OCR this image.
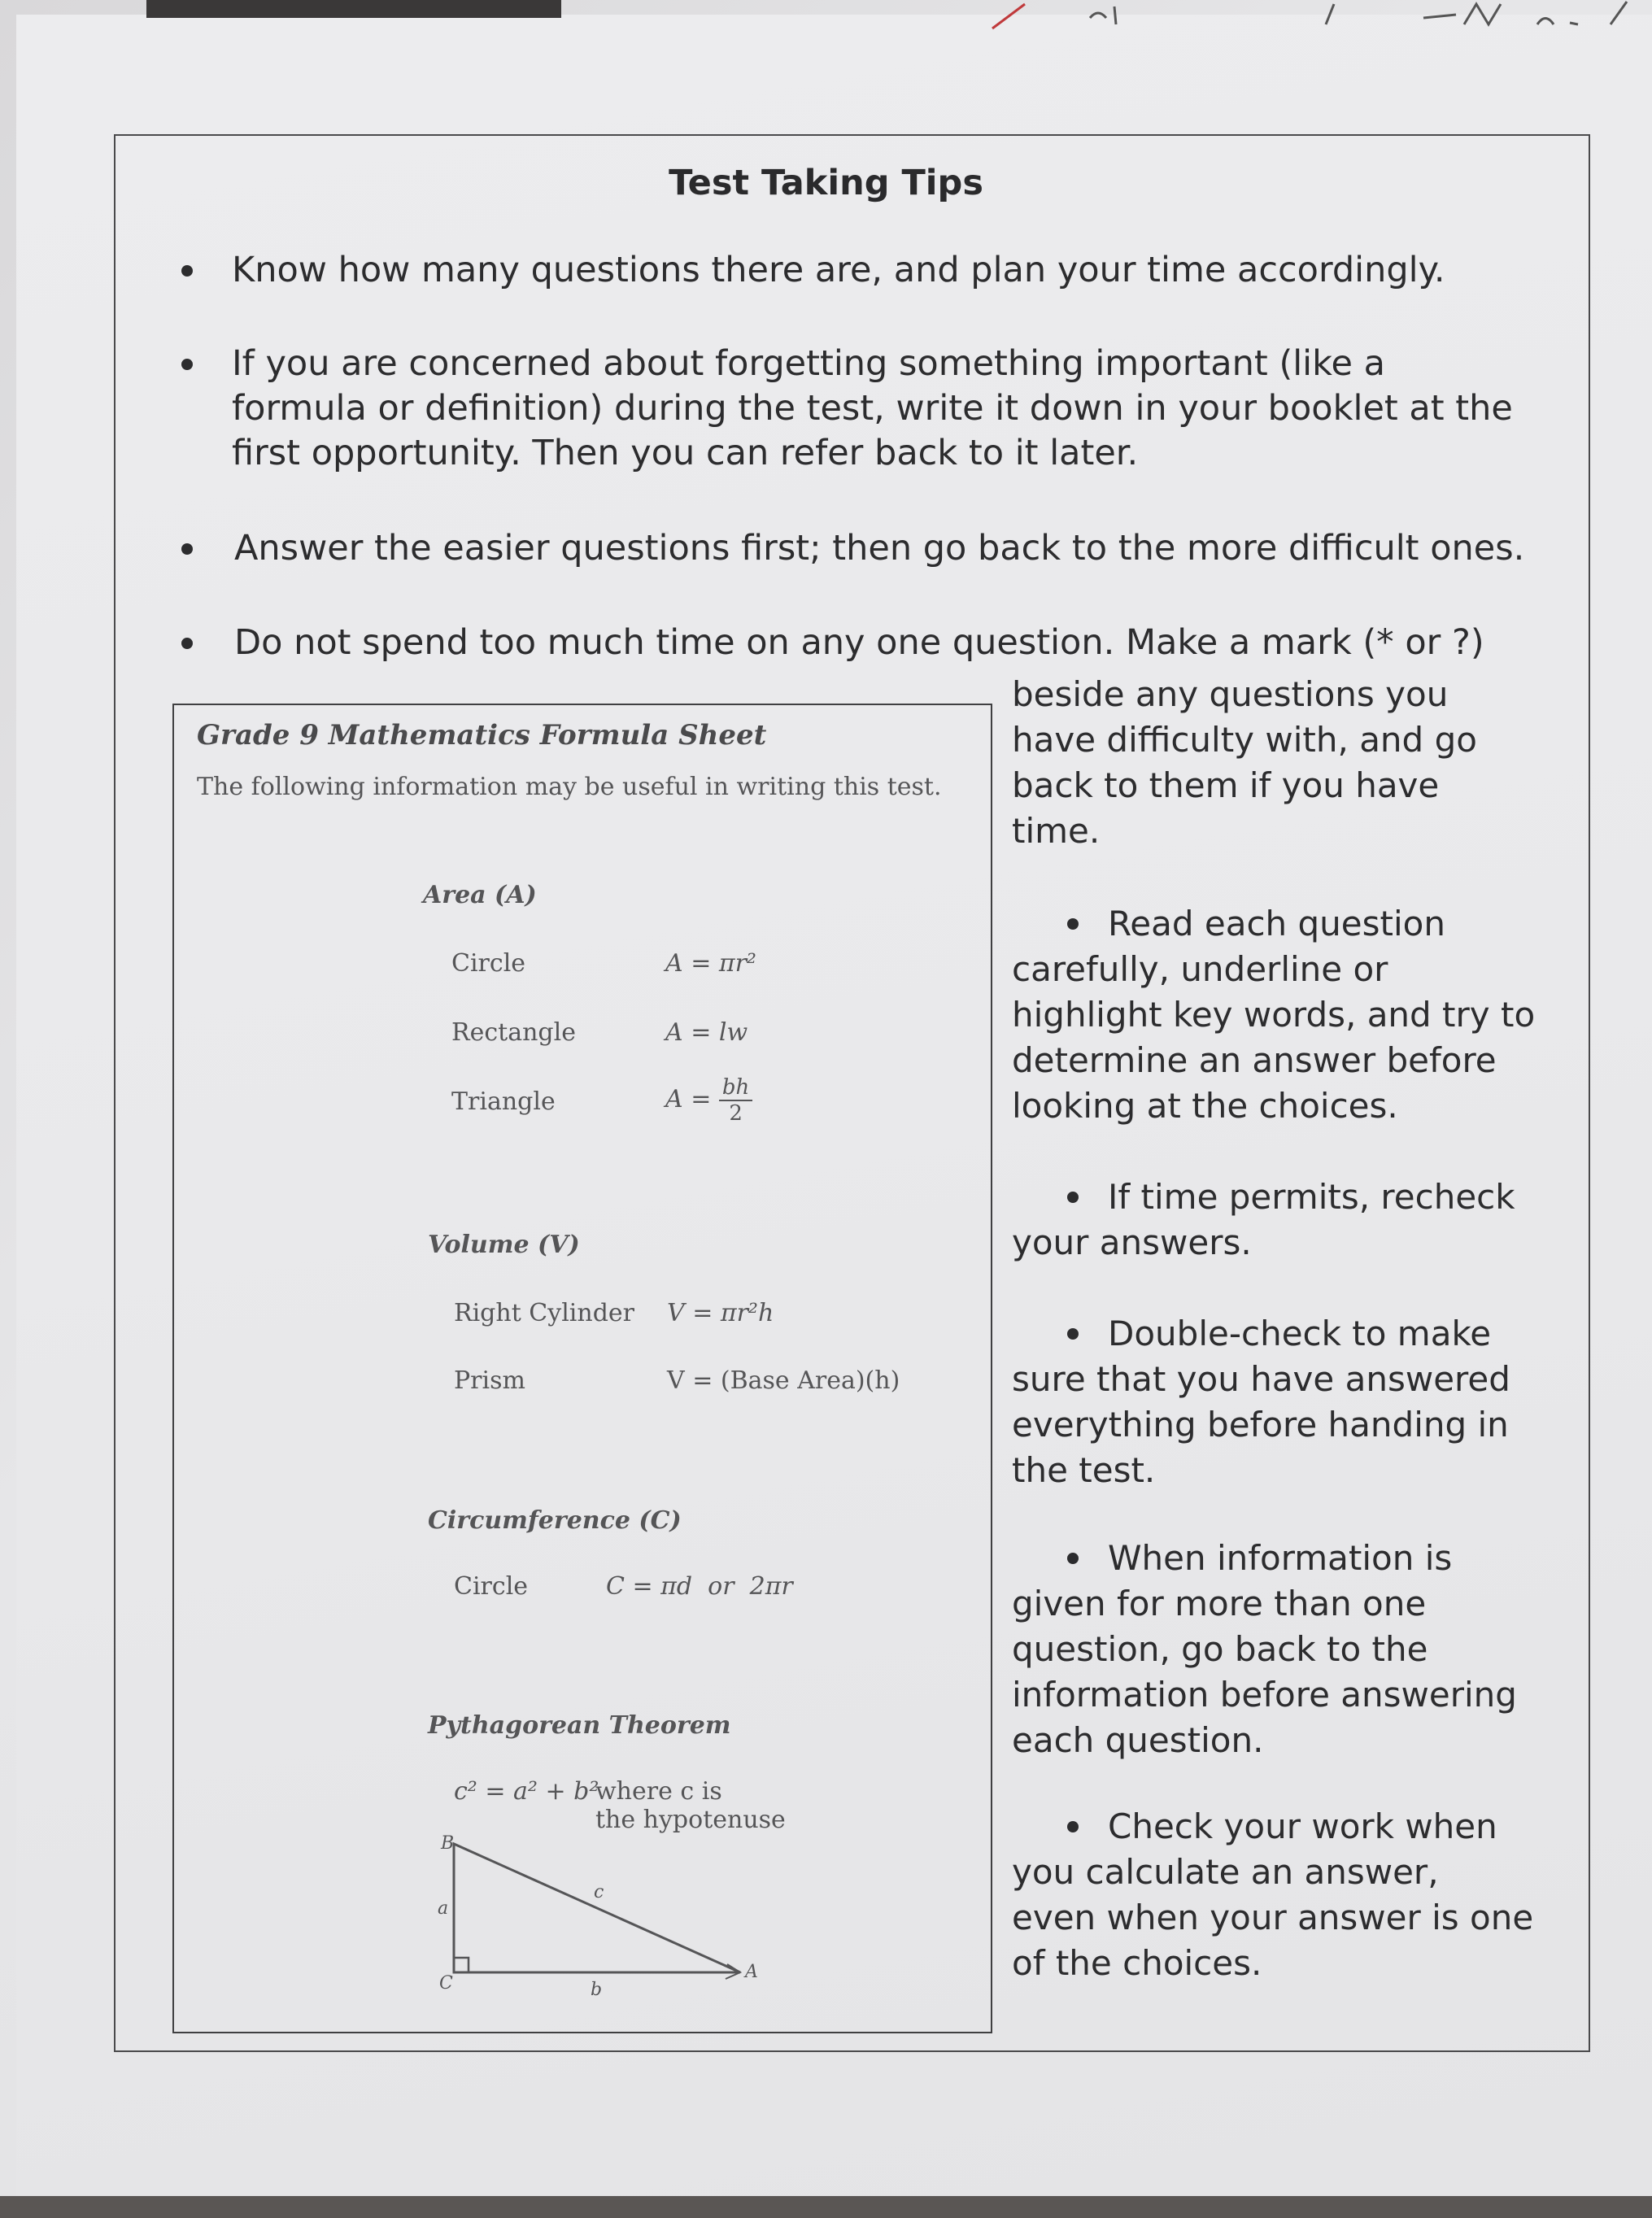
Test Taking Tips
Know how many questions there are, and plan your time accordingly.
If you are concerned about forgetting something important (like a
formula or definition) during the test, write it down in your booklet at the
first opportunity. Then you can refer back to it later.
Answer the easier questions first; then go back to the more difficult ones.
Do not spend too much time on any one question. Make a mark (* or ?)
beside any questions you
have difficulty with, and go
back to them if you have
time.
Read each question
carefully, underline or
highlight key words, and try to
determine an answer before
looking at the choices.
If time permits, recheck
your answers.
Double-check to make
sure that you have answered
everything before handing in
the test.
When information is
given for more than one
question, go back to the
information before answering
each question.
Check your work when
you calculate an answer,
even when your answer is one
of the choices.
Grade 9 Mathematics Formula Sheet
The following information may be useful in writing this test.
Area (A)
Circle	A = πr²
Rectangle	A = lw
Triangle	$A = \frac{bh}{2}$
Volume (V)
Right Cylinder V = πr²h
Prism	V = (Base Area)(h)
Circumference (C)
Circle	C = πd  or  2πr
Pythagorean Theorem
c² = a² + b²
where c is
the hypotenuse
B
a
c
C	b
A
